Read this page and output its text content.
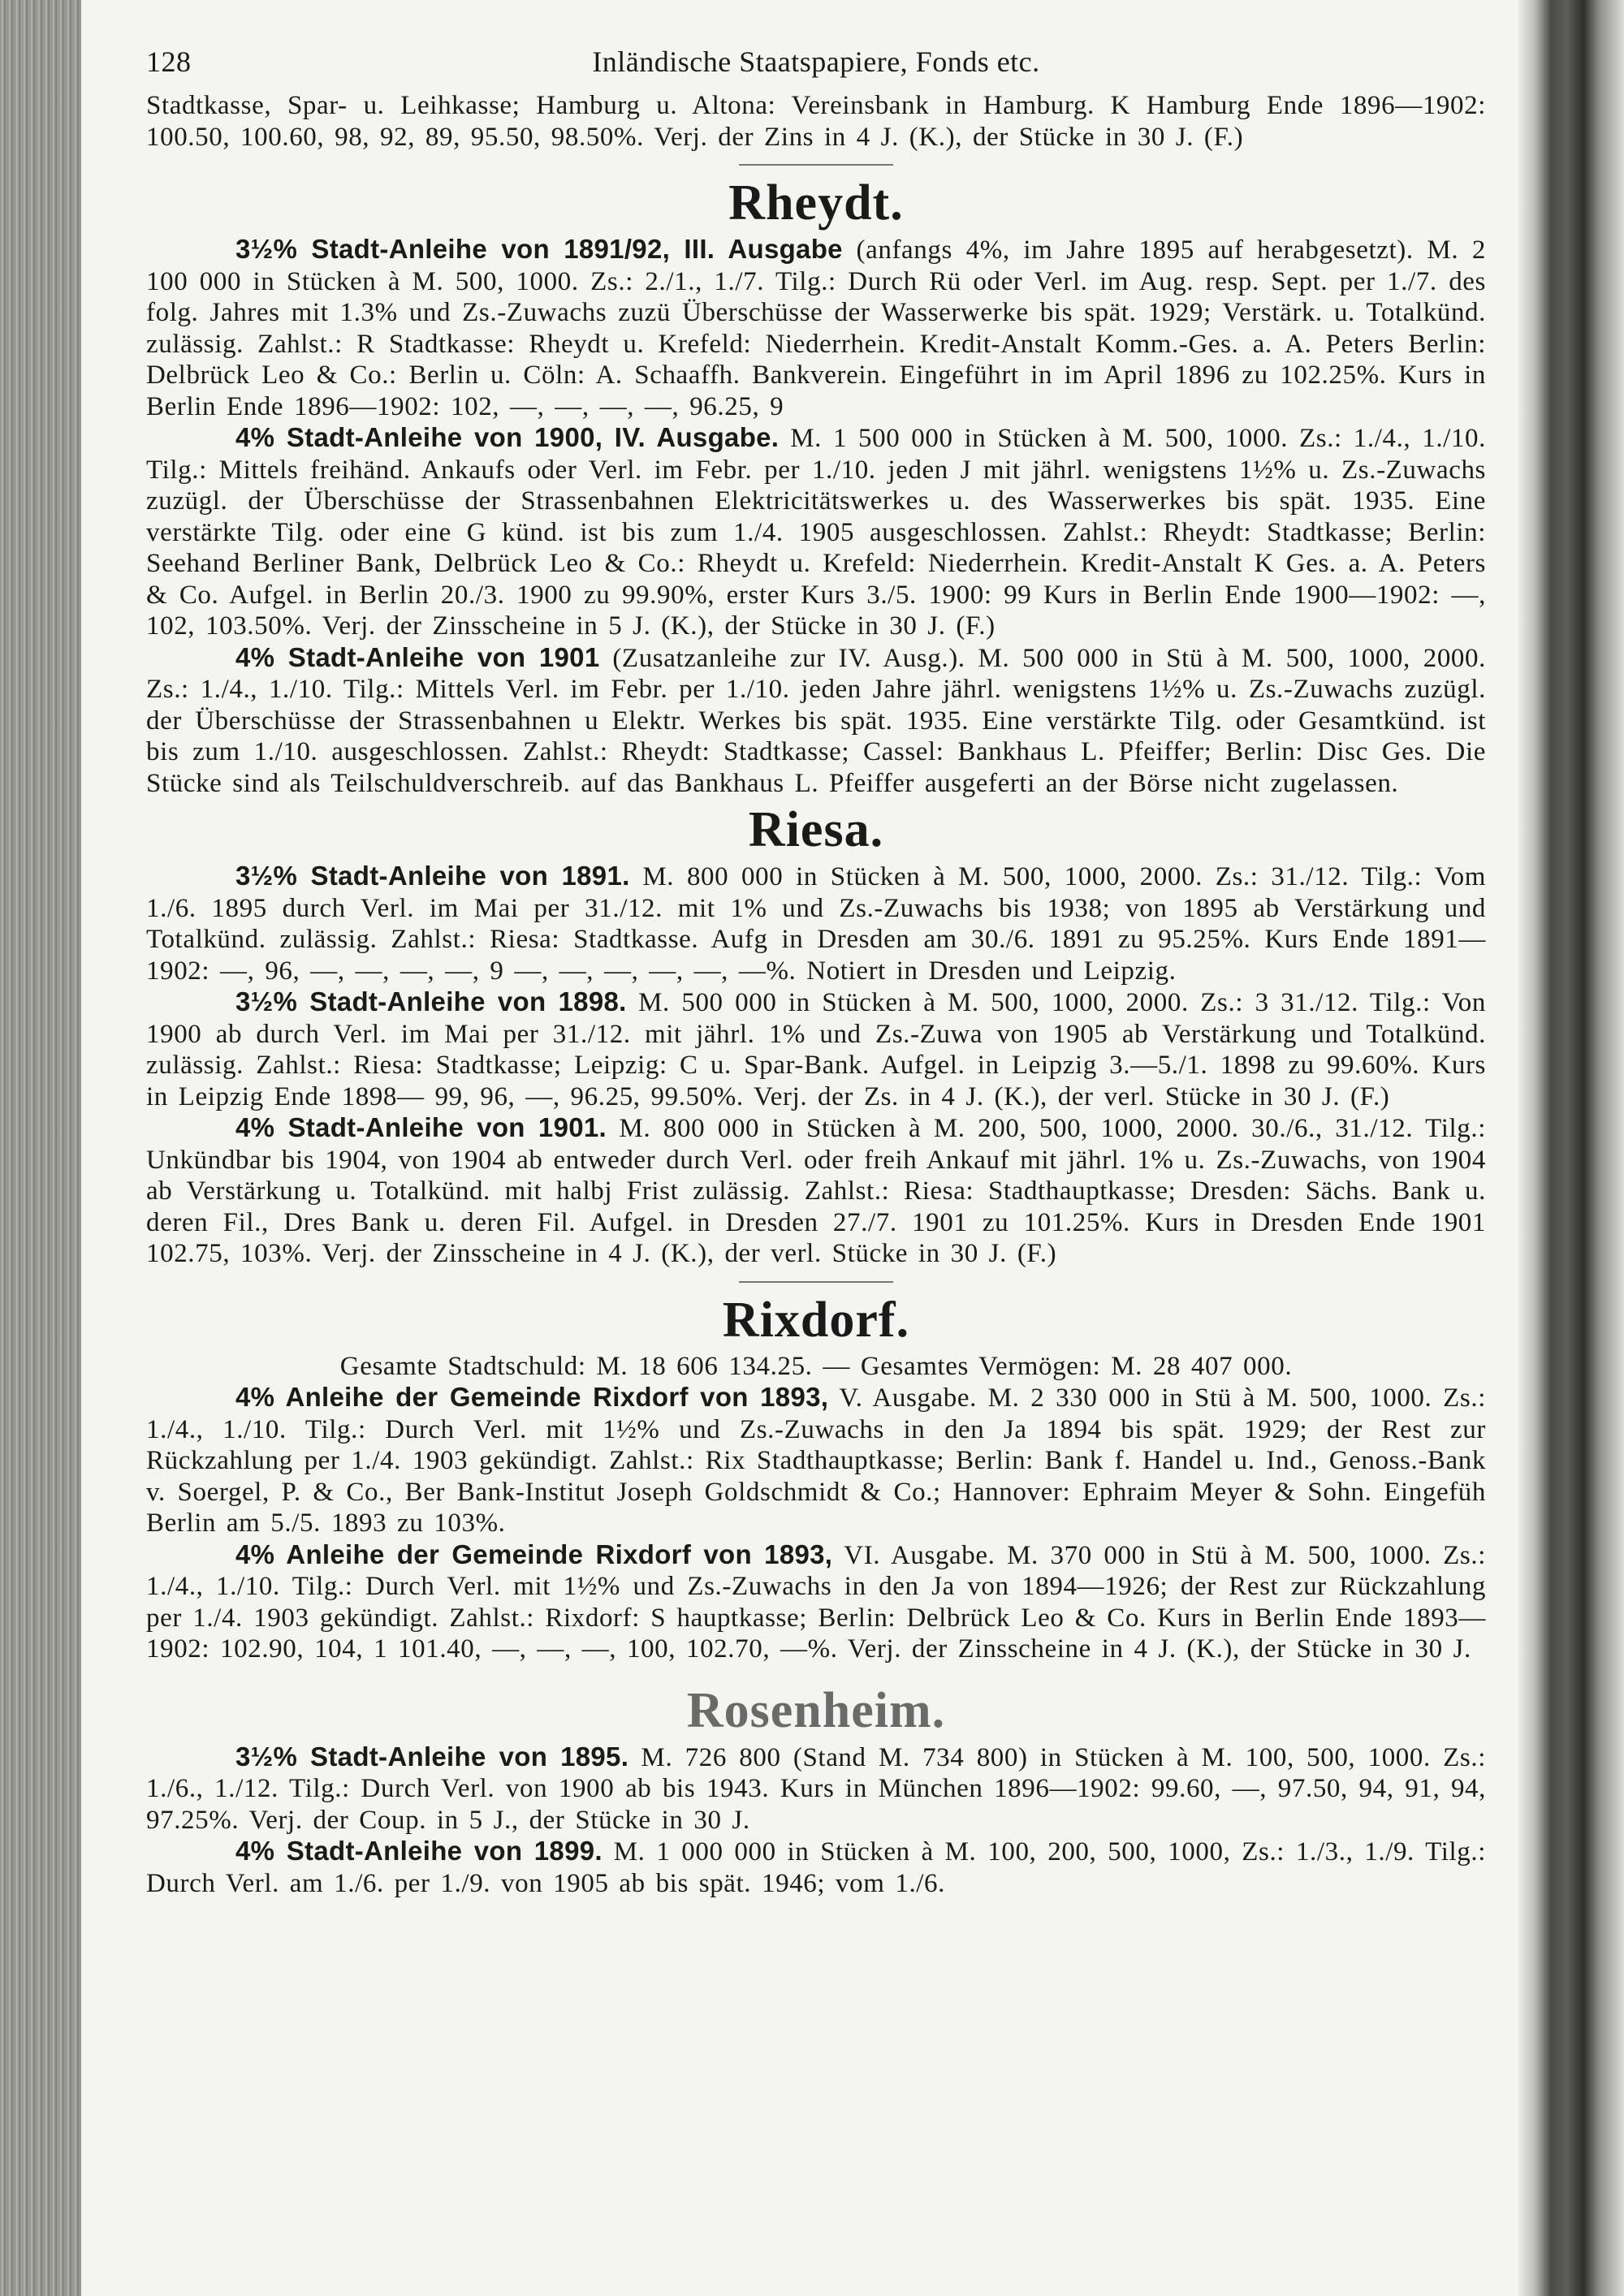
128	Inländische Staatspapiere, Fonds etc.

Stadtkasse, Spar- u. Leihkasse; Hamburg u. Altona: Vereinsbank in Hamburg. K Hamburg Ende 1896—1902: 100.50, 100.60, 98, 92, 89, 95.50, 98.50%. Verj. der Zins in 4 J. (K.), der Stücke in 30 J. (F.)

Rheydt.

3½% Stadt-Anleihe von 1891/92, III. Ausgabe (anfangs 4%, im Jahre 1895 auf herabgesetzt). M. 2 100 000 in Stücken à M. 500, 1000. Zs.: 2./1., 1./7. Tilg.: Durch Rü oder Verl. im Aug. resp. Sept. per 1./7. des folg. Jahres mit 1.3% und Zs.-Zuwachs zuzü Überschüsse der Wasserwerke bis spät. 1929; Verstärk. u. Totalkünd. zulässig. Zahlst.: R Stadtkasse: Rheydt u. Krefeld: Niederrhein. Kredit-Anstalt Komm.-Ges. a. A. Peters Berlin: Delbrück Leo & Co.: Berlin u. Cöln: A. Schaaffh. Bankverein. Eingeführt in im April 1896 zu 102.25%. Kurs in Berlin Ende 1896—1902: 102, —, —, —, —, 96.25, 9

4% Stadt-Anleihe von 1900, IV. Ausgabe. M. 1 500 000 in Stücken à M. 500, 1000. Zs.: 1./4., 1./10. Tilg.: Mittels freihänd. Ankaufs oder Verl. im Febr. per 1./10. jeden J mit jährl. wenigstens 1½% u. Zs.-Zuwachs zuzügl. der Überschüsse der Strassenbahnen Elektricitätswerkes u. des Wasserwerkes bis spät. 1935. Eine verstärkte Tilg. oder eine G künd. ist bis zum 1./4. 1905 ausgeschlossen. Zahlst.: Rheydt: Stadtkasse; Berlin: Seehand Berliner Bank, Delbrück Leo & Co.: Rheydt u. Krefeld: Niederrhein. Kredit-Anstalt K Ges. a. A. Peters & Co. Aufgel. in Berlin 20./3. 1900 zu 99.90%, erster Kurs 3./5. 1900: 99 Kurs in Berlin Ende 1900—1902: —, 102, 103.50%. Verj. der Zinsscheine in 5 J. (K.), der Stücke in 30 J. (F.)

4% Stadt-Anleihe von 1901 (Zusatzanleihe zur IV. Ausg.). M. 500 000 in Stü à M. 500, 1000, 2000. Zs.: 1./4., 1./10. Tilg.: Mittels Verl. im Febr. per 1./10. jeden Jahre jährl. wenigstens 1½% u. Zs.-Zuwachs zuzügl. der Überschüsse der Strassenbahnen u Elektr. Werkes bis spät. 1935. Eine verstärkte Tilg. oder Gesamtkünd. ist bis zum 1./10. ausgeschlossen. Zahlst.: Rheydt: Stadtkasse; Cassel: Bankhaus L. Pfeiffer; Berlin: Disc Ges. Die Stücke sind als Teilschuldverschreib. auf das Bankhaus L. Pfeiffer ausgeferti an der Börse nicht zugelassen.

Riesa.

3½% Stadt-Anleihe von 1891. M. 800 000 in Stücken à M. 500, 1000, 2000. Zs.: 31./12. Tilg.: Vom 1./6. 1895 durch Verl. im Mai per 31./12. mit 1% und Zs.-Zuwachs bis 1938; von 1895 ab Verstärkung und Totalkünd. zulässig. Zahlst.: Riesa: Stadtkasse. Aufg in Dresden am 30./6. 1891 zu 95.25%. Kurs Ende 1891—1902: —, 96, —, —, —, —, 9 —, —, —, —, —, —%. Notiert in Dresden und Leipzig.

3½% Stadt-Anleihe von 1898. M. 500 000 in Stücken à M. 500, 1000, 2000. Zs.: 3 31./12. Tilg.: Von 1900 ab durch Verl. im Mai per 31./12. mit jährl. 1% und Zs.-Zuwa von 1905 ab Verstärkung und Totalkünd. zulässig. Zahlst.: Riesa: Stadtkasse; Leipzig: C u. Spar-Bank. Aufgel. in Leipzig 3.—5./1. 1898 zu 99.60%. Kurs in Leipzig Ende 1898— 99, 96, —, 96.25, 99.50%. Verj. der Zs. in 4 J. (K.), der verl. Stücke in 30 J. (F.)

4% Stadt-Anleihe von 1901. M. 800 000 in Stücken à M. 200, 500, 1000, 2000. 30./6., 31./12. Tilg.: Unkündbar bis 1904, von 1904 ab entweder durch Verl. oder freih Ankauf mit jährl. 1% u. Zs.-Zuwachs, von 1904 ab Verstärkung u. Totalkünd. mit halbj Frist zulässig. Zahlst.: Riesa: Stadthauptkasse; Dresden: Sächs. Bank u. deren Fil., Dres Bank u. deren Fil. Aufgel. in Dresden 27./7. 1901 zu 101.25%. Kurs in Dresden Ende 1901 102.75, 103%. Verj. der Zinsscheine in 4 J. (K.), der verl. Stücke in 30 J. (F.)

Rixdorf.

Gesamte Stadtschuld: M. 18 606 134.25. — Gesamtes Vermögen: M. 28 407 000.

4% Anleihe der Gemeinde Rixdorf von 1893, V. Ausgabe. M. 2 330 000 in Stü à M. 500, 1000. Zs.: 1./4., 1./10. Tilg.: Durch Verl. mit 1½% und Zs.-Zuwachs in den Ja 1894 bis spät. 1929; der Rest zur Rückzahlung per 1./4. 1903 gekündigt. Zahlst.: Rix Stadthauptkasse; Berlin: Bank f. Handel u. Ind., Genoss.-Bank v. Soergel, P. & Co., Ber Bank-Institut Joseph Goldschmidt & Co.; Hannover: Ephraim Meyer & Sohn. Eingefüh Berlin am 5./5. 1893 zu 103%.

4% Anleihe der Gemeinde Rixdorf von 1893, VI. Ausgabe. M. 370 000 in Stü à M. 500, 1000. Zs.: 1./4., 1./10. Tilg.: Durch Verl. mit 1½% und Zs.-Zuwachs in den Ja von 1894—1926; der Rest zur Rückzahlung per 1./4. 1903 gekündigt. Zahlst.: Rixdorf: S hauptkasse; Berlin: Delbrück Leo & Co. Kurs in Berlin Ende 1893—1902: 102.90, 104, 1 101.40, —, —, —, 100, 102.70, —%. Verj. der Zinsscheine in 4 J. (K.), der Stücke in 30 J.

Rosenheim.

3½% Stadt-Anleihe von 1895. M. 726 800 (Stand M. 734 800) in Stücken à M. 100, 500, 1000. Zs.: 1./6., 1./12. Tilg.: Durch Verl. von 1900 ab bis 1943. Kurs in München 1896—1902: 99.60, —, 97.50, 94, 91, 94, 97.25%. Verj. der Coup. in 5 J., der Stücke in 30 J.

4% Stadt-Anleihe von 1899. M. 1 000 000 in Stücken à M. 100, 200, 500, 1000, Zs.: 1./3., 1./9. Tilg.: Durch Verl. am 1./6. per 1./9. von 1905 ab bis spät. 1946; vom 1./6.
